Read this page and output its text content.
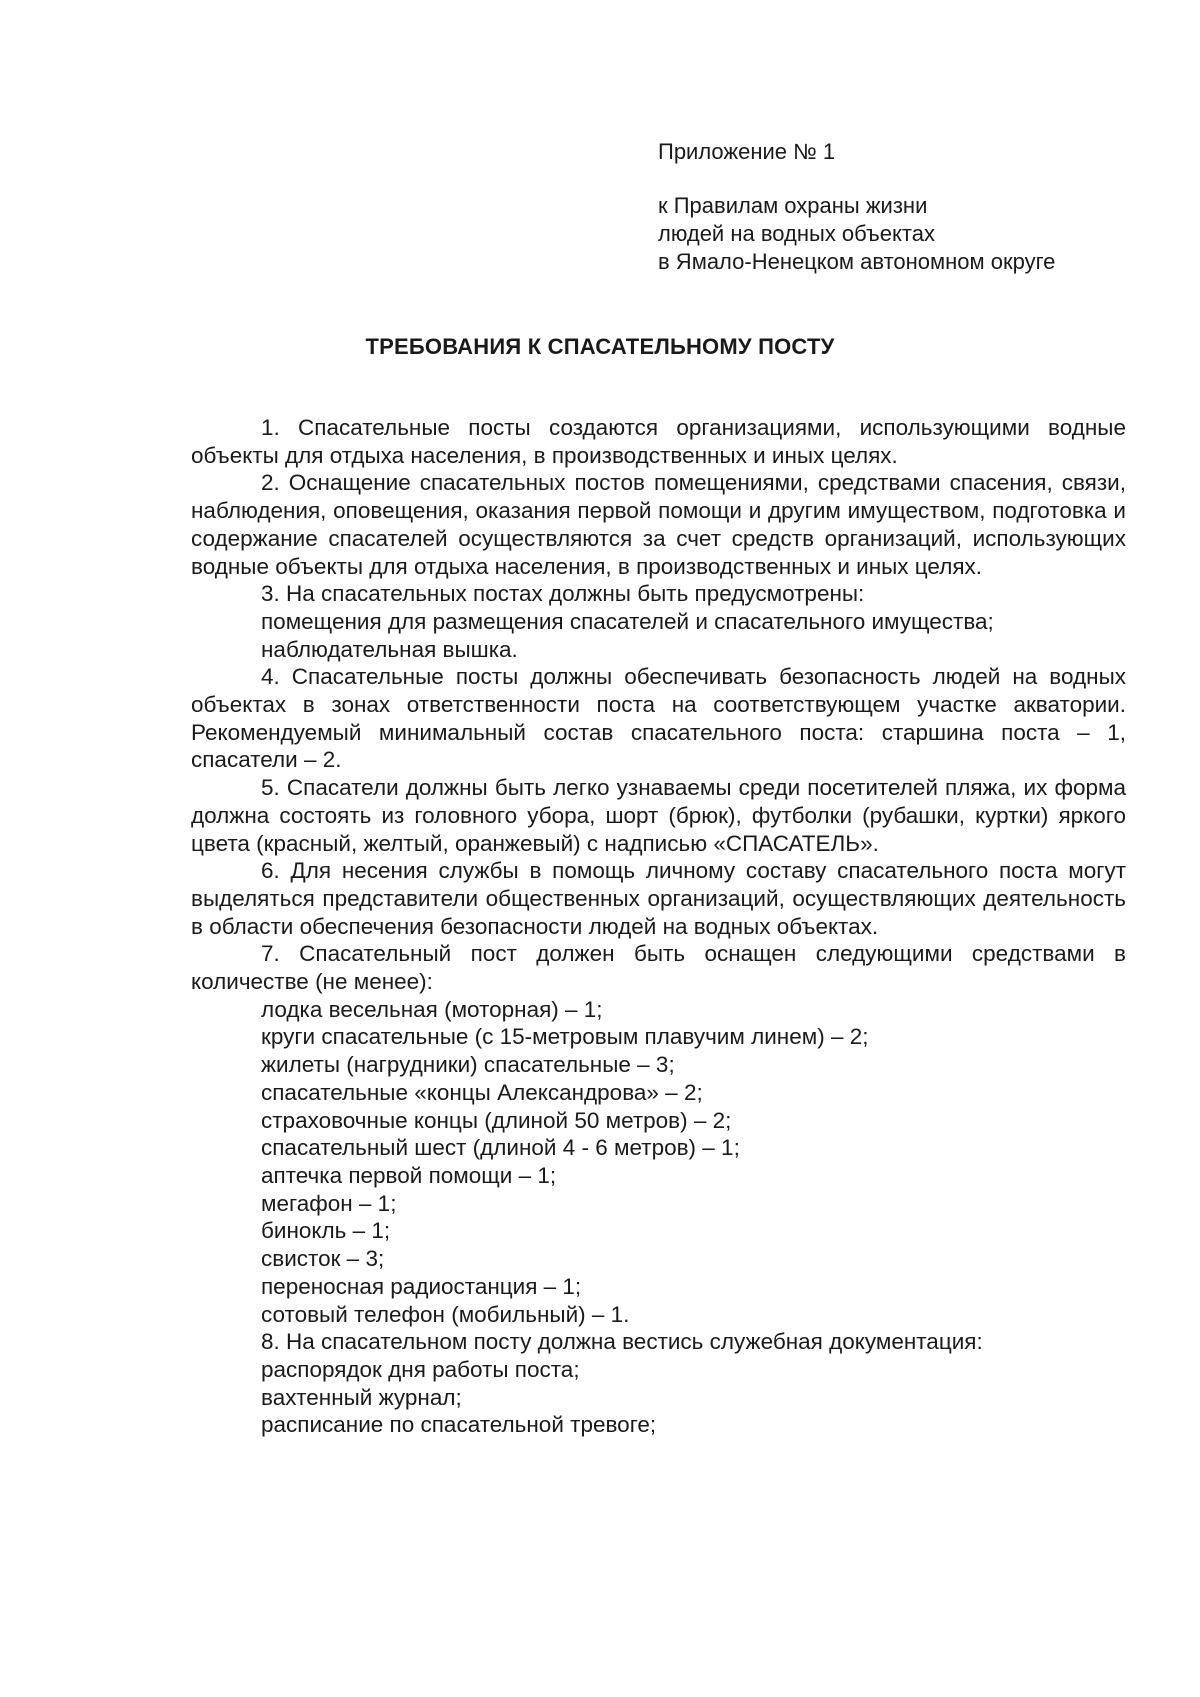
Приложение № 1
к Правилам охраны жизни
людей на водных объектах
в Ямало-Ненецком автономном округе
ТРЕБОВАНИЯ К СПАСАТЕЛЬНОМУ ПОСТУ

1. Спасательные посты создаются организациями, использующими водные объекты для отдыха населения, в производственных и иных целях.

2. Оснащение спасательных постов помещениями, средствами спасения, связи, наблюдения, оповещения, оказания первой помощи и другим имуществом, подготовка и содержание спасателей осуществляются за счет средств организаций, использующих водные объекты для отдыха населения, в производственных и иных целях.

3. На спасательных постах должны быть предусмотрены:

помещения для размещения спасателей и спасательного имущества;
наблюдательная вышка.

4. Спасательные посты должны обеспечивать безопасность людей на водных объектах в зонах ответственности поста на соответствующем участке акватории. Рекомендуемый минимальный состав спасательного поста: старшина поста – 1, спасатели – 2.

5. Спасатели должны быть легко узнаваемы среди посетителей пляжа, их форма должна состоять из головного убора, шорт (брюк), футболки (рубашки, куртки) яркого цвета (красный, желтый, оранжевый) с надписью «СПАСАТЕЛЬ».

6. Для несения службы в помощь личному составу спасательного поста могут выделяться представители общественных организаций, осуществляющих деятельность в области обеспечения безопасности людей на водных объектах.

7. Спасательный пост должен быть оснащен следующими средствами в количестве (не менее):

лодка весельная (моторная) – 1;
круги спасательные (с 15-метровым плавучим линем) – 2;
жилеты (нагрудники) спасательные – 3;
спасательные «концы Александрова» – 2;
страховочные концы (длиной 50 метров) – 2;
спасательный шест (длиной 4 - 6 метров) – 1;
аптечка первой помощи – 1;
мегафон – 1;
бинокль – 1;
свисток – 3;
переносная радиостанция – 1;
сотовый телефон (мобильный) – 1.

8. На спасательном посту должна вестись служебная документация:

распорядок дня работы поста;
вахтенный журнал;
расписание по спасательной тревоге;
